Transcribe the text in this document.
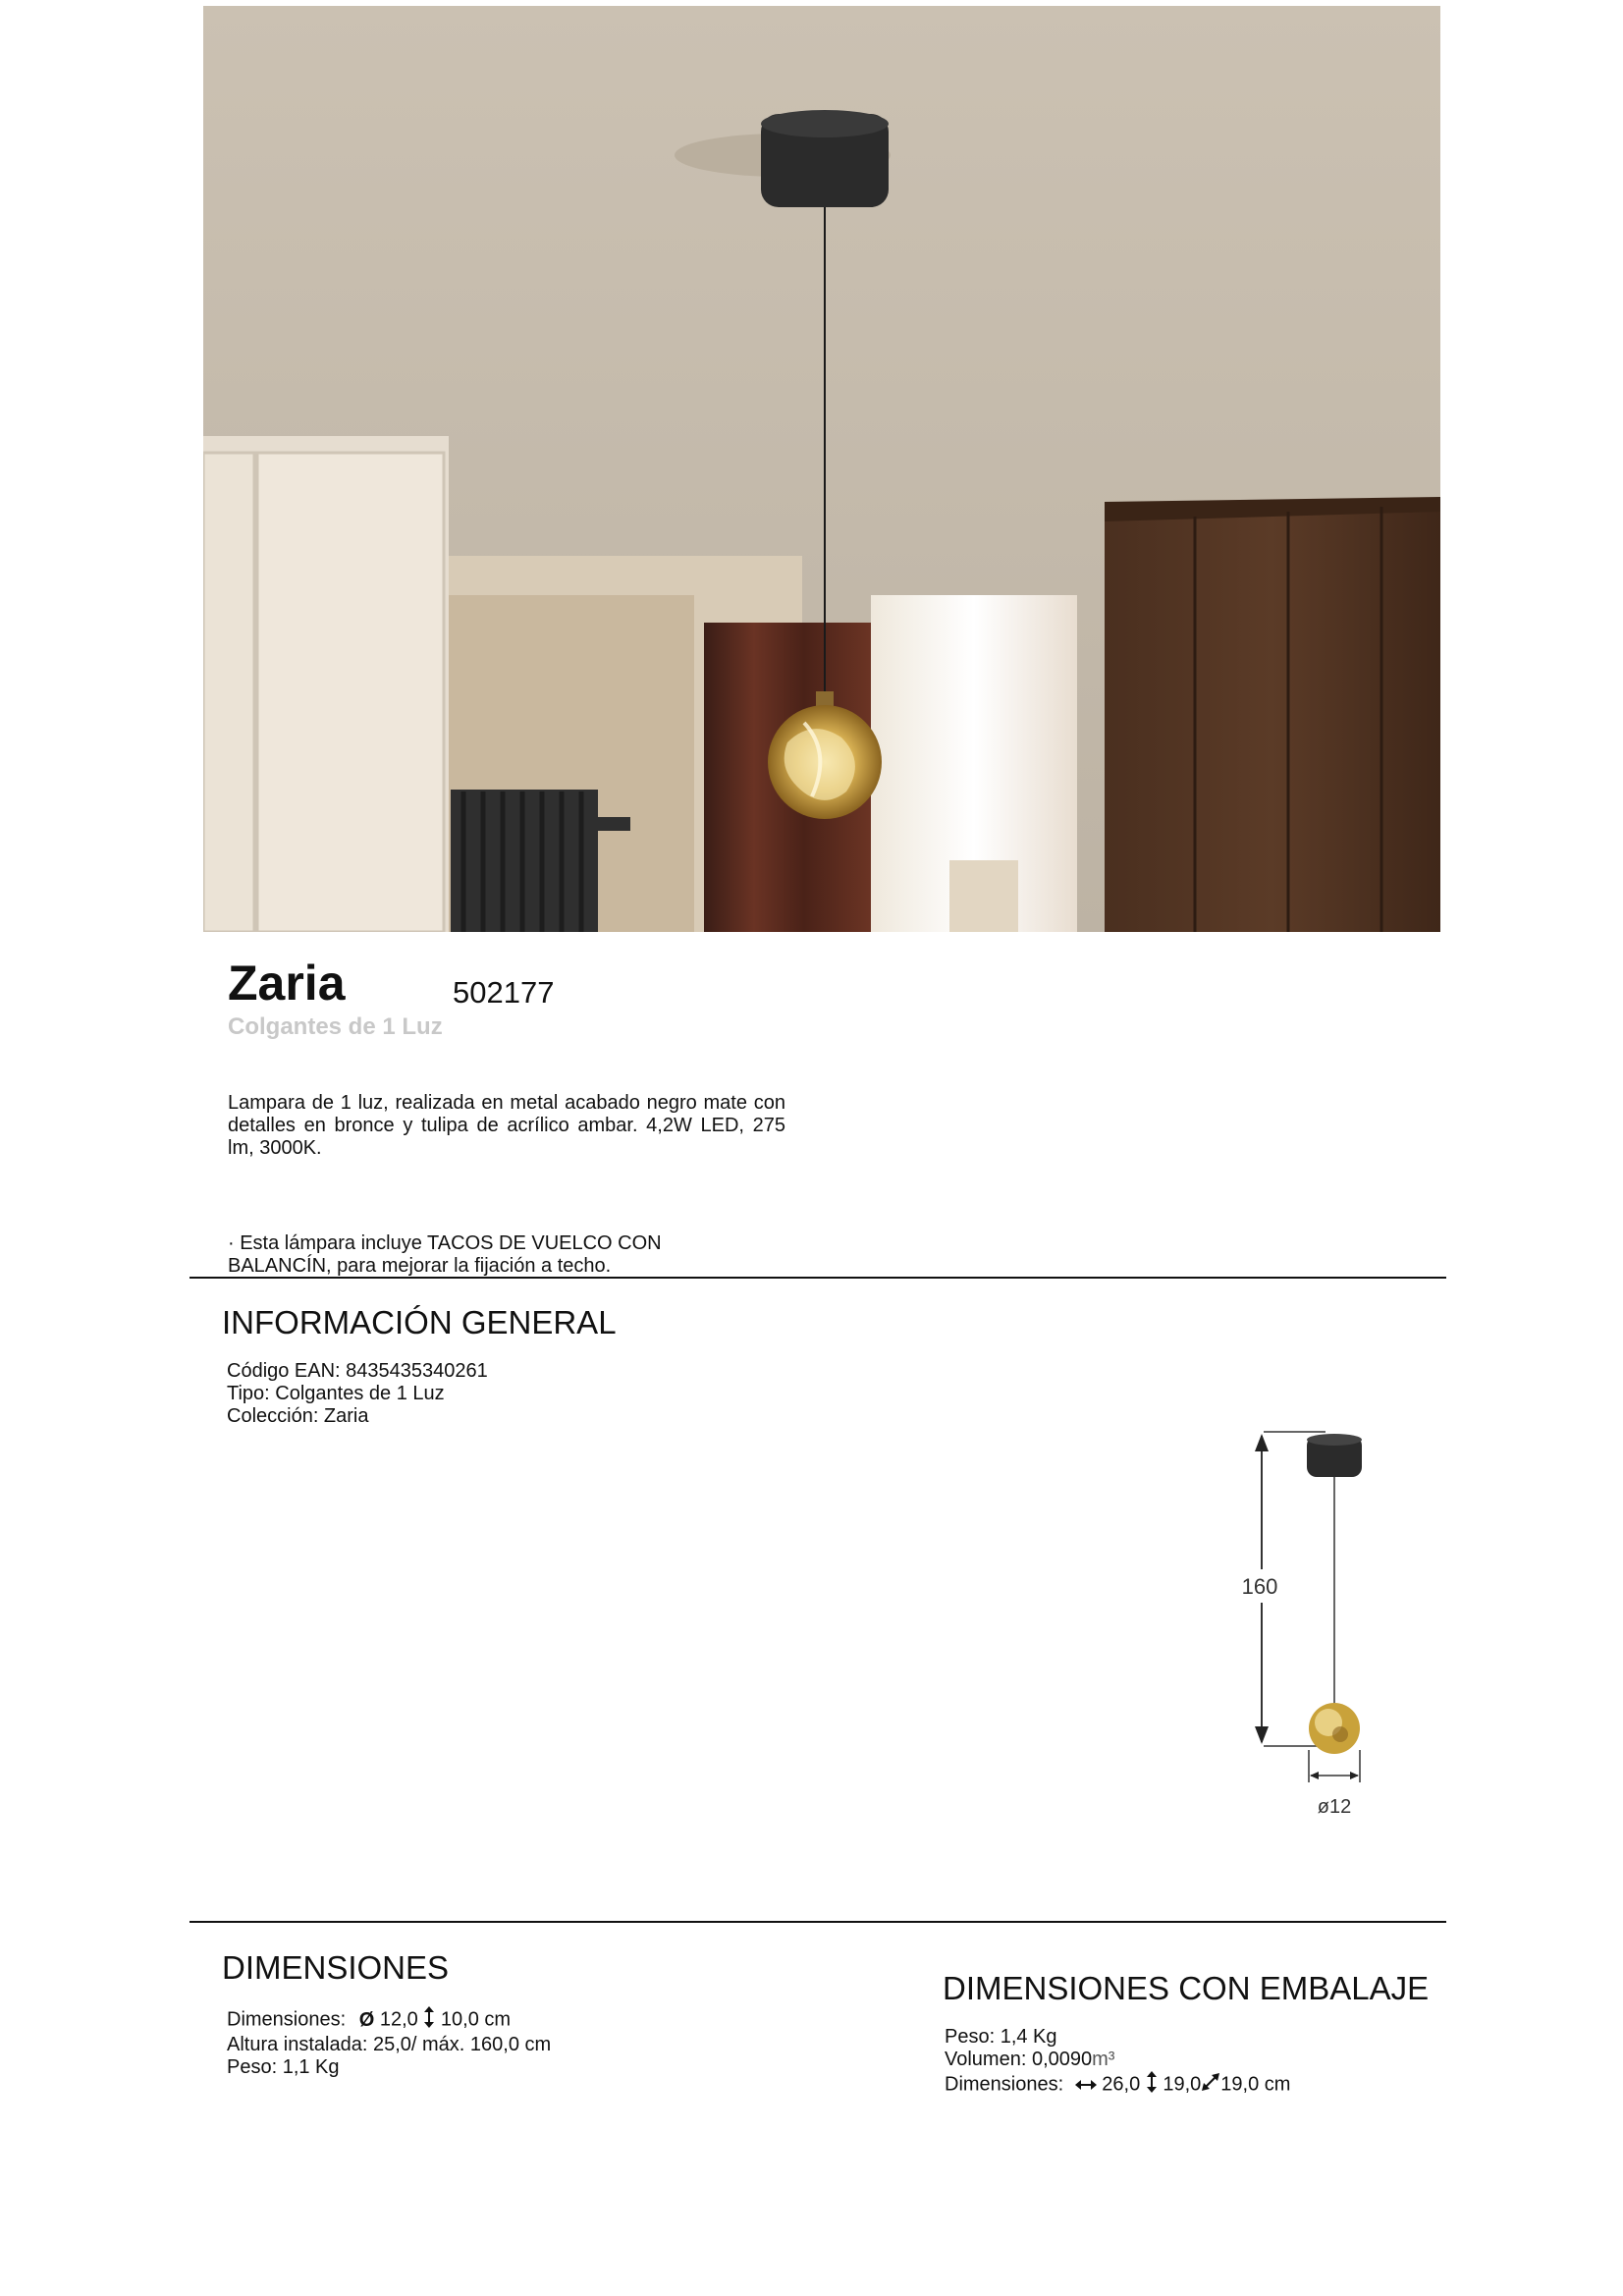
Zaria	502177
Colgantes de 1 Luz
Lampara de 1 luz, realizada en metal acabado negro mate con detalles en bronce y tulipa de acrílico ambar. 4,2W LED, 275 lm, 3000K.
· Esta lámpara incluye TACOS DE VUELCO CON
BALANCÍN, para mejorar la fijación a techo.
INFORMACIÓN GENERAL
Código EAN: 8435435340261
Tipo: Colgantes de 1 Luz
Colección: Zaria
160
ø12
DIMENSIONES
Dimensiones: Ø 12,0 10,0 cm
Altura instalada: 25,0/ máx. 160,0 cm
Peso: 1,1 Kg
DIMENSIONES CON EMBALAJE
Peso: 1,4 Kg
Volumen: 0,0090m³
Dimensiones: 26,0 19,0 19,0 cm
